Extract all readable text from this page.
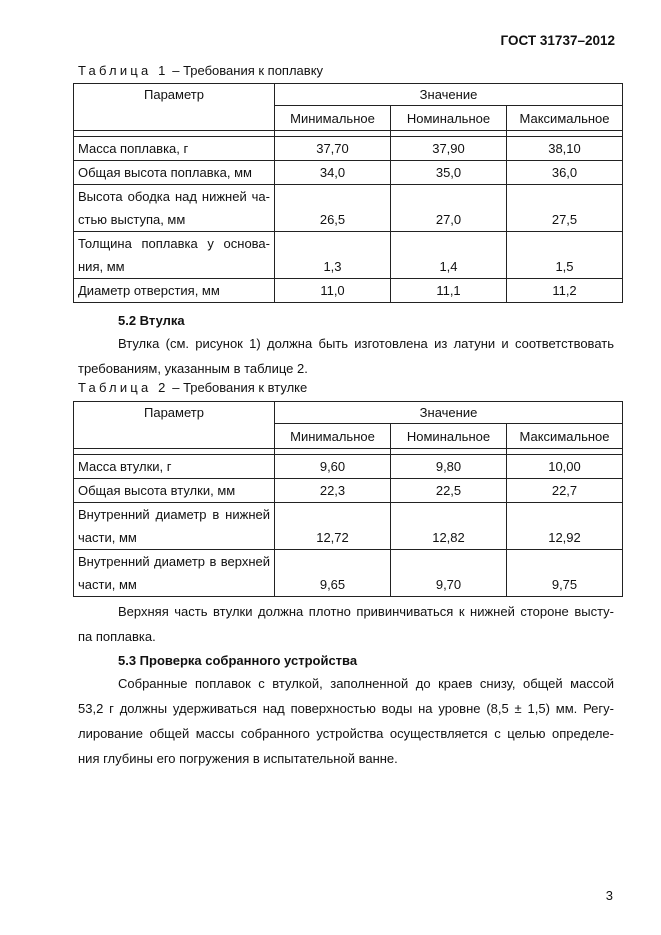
ГОСТ 31737–2012
Таблица 1 – Требования к поплавку
Параметр	Значение		
	Минимальное	Номинальное	Максимальное

Масса поплавка, г	37,70	37,90	38,10

Общая высота поплавка, мм	34,0	35,0	36,0

Высота ободка над нижней ча-
стью выступа, мм	26,5	27,0	27,5

Толщина поплавка у основа-
ния, мм	1,3	1,4	1,5

Диаметр отверстия, мм	11,0	11,1	11,2
5.2 Втулка
Втулка (см. рисунок 1) должна быть изготовлена из латуни и соответствовать
требованиям, указанным в таблице 2.
Таблица 2 – Требования к втулке
Параметр	Значение		
	Минимальное	Номинальное	Максимальное

Масса втулки, г	9,60	9,80	10,00

Общая высота втулки, мм	22,3	22,5	22,7

Внутренний диаметр в нижней
части, мм	12,72	12,82	12,92

Внутренний диаметр в верхней
части, мм	9,65	9,70	9,75
Верхняя часть втулки должна плотно привинчиваться к нижней стороне высту-
па поплавка.
5.3 Проверка собранного устройства
Собранные поплавок с втулкой, заполненной до краев снизу, общей массой
53,2 г должны удерживаться над поверхностью воды на уровне (8,5 ± 1,5) мм. Регу-
лирование общей массы собранного устройства осуществляется с целью определе-
ния глубины его погружения в испытательной ванне.
3
